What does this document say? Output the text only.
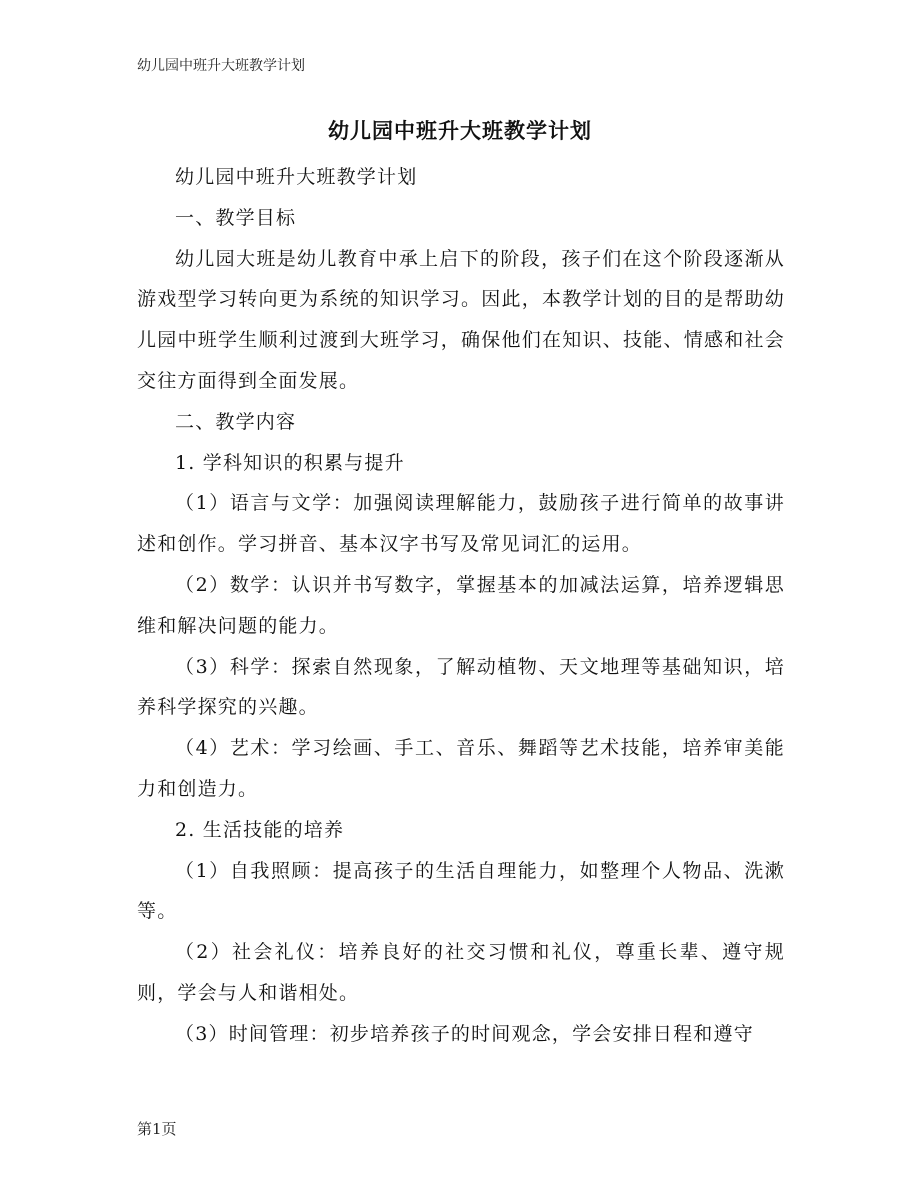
幼儿园中班升大班教学计划
幼儿园中班升大班教学计划

幼儿园中班升大班教学计划

一、教学目标

幼儿园大班是幼儿教育中承上启下的阶段，孩子们在这个阶段逐渐从游戏型学习转向更为系统的知识学习。因此，本教学计划的目的是帮助幼儿园中班学生顺利过渡到大班学习，确保他们在知识、技能、情感和社会交往方面得到全面发展。

二、教学内容

1. 学科知识的积累与提升

（1）语言与文学：加强阅读理解能力，鼓励孩子进行简单的故事讲述和创作。学习拼音、基本汉字书写及常见词汇的运用。

（2）数学：认识并书写数字，掌握基本的加减法运算，培养逻辑思维和解决问题的能力。

（3）科学：探索自然现象，了解动植物、天文地理等基础知识，培养科学探究的兴趣。

（4）艺术：学习绘画、手工、音乐、舞蹈等艺术技能，培养审美能力和创造力。

2. 生活技能的培养

（1）自我照顾：提高孩子的生活自理能力，如整理个人物品、洗漱等。

（2）社会礼仪：培养良好的社交习惯和礼仪，尊重长辈、遵守规则，学会与人和谐相处。

（3）时间管理：初步培养孩子的时间观念，学会安排日程和遵守

第1页
